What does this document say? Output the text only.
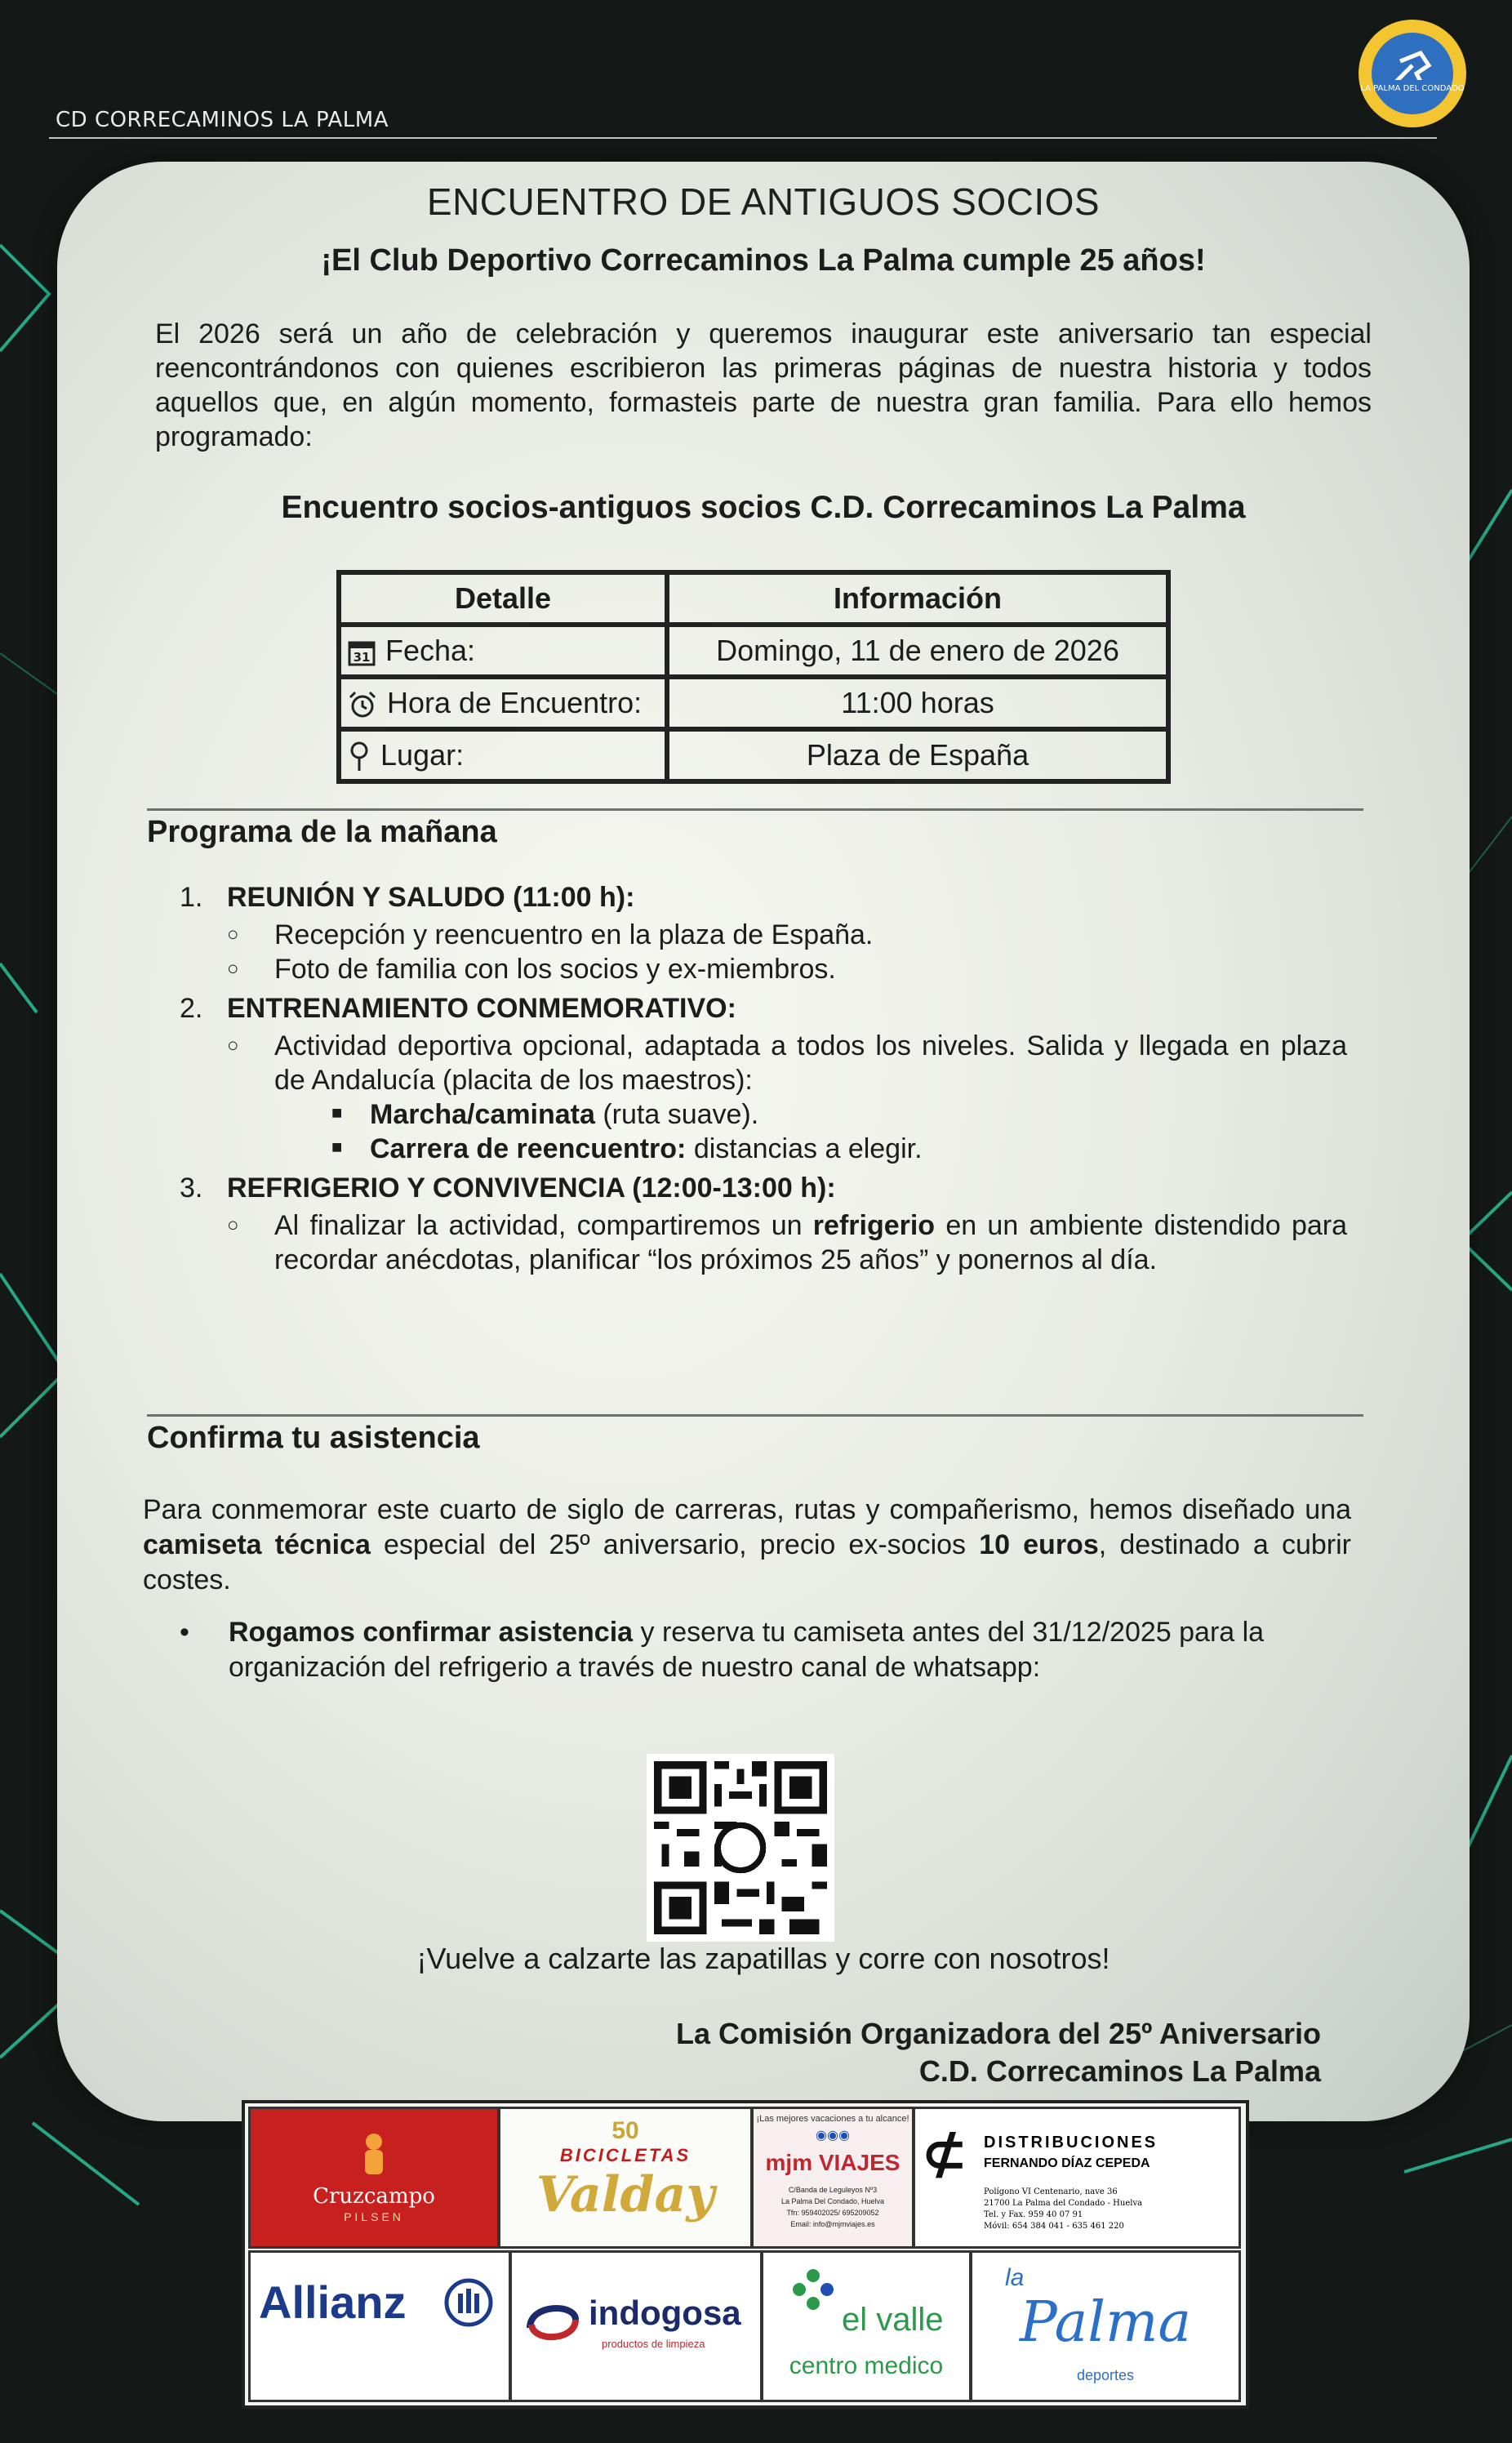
CD CORRECAMINOS LA PALMA
LA PALMA DEL CONDADO
ENCUENTRO DE ANTIGUOS SOCIOS
¡El Club Deportivo Correcaminos La Palma cumple 25 años!
El 2026 será un año de celebración y queremos inaugurar este aniversario tan especial reencontrándonos con quienes escribieron las primeras páginas de nuestra historia y todos aquellos que, en algún momento, formasteis parte de nuestra gran familia. Para ello hemos programado:
Encuentro socios-antiguos socios C.D. Correcaminos La Palma
Detalle	Información

31 Fecha:	Domingo, 11 de enero de 2026
Hora de Encuentro:	11:00 horas
Lugar:	Plaza de España
Programa de la mañana
1. REUNIÓN Y SALUDO (11:00 h):
○ Recepción y reencuentro en la plaza de España.
○ Foto de familia con los socios y ex-miembros.
2. ENTRENAMIENTO CONMEMORATIVO:
○ Actividad deportiva opcional, adaptada a todos los niveles. Salida y llegada en plaza de Andalucía (placita de los maestros):
■ Marcha/caminata (ruta suave).
■ Carrera de reencuentro: distancias a elegir.
3. REFRIGERIO Y CONVIVENCIA (12:00-13:00 h):
○ Al finalizar la actividad, compartiremos un refrigerio en un ambiente distendido para recordar anécdotas, planificar “los próximos 25 años” y ponernos al día.
Confirma tu asistencia
Para conmemorar este cuarto de siglo de carreras, rutas y compañerismo, hemos diseñado una camiseta técnica especial del 25º aniversario, precio ex-socios 10 euros, destinado a cubrir costes.
•	Rogamos confirmar asistencia y reserva tu camiseta antes del 31/12/2025 para la organización del refrigerio a través de nuestro canal de whatsapp:
¡Vuelve a calzarte las zapatillas y corre con nosotros!
La Comisión Organizadora del 25º Aniversario
C.D. Correcaminos La Palma
Cruzcampo
PILSEN
50
BICICLETAS
Valday
¡Las mejores vacaciones a tu alcance!
◉◉◉
mjm VIAJES
C/Banda de Leguleyos Nº3
La Palma Del Condado, Huelva
Tfn: 959402025/ 695209052
Email: info@mjmviajes.es
⊄ DISTRIBUCIONES
FERNANDO DÍAZ CEPEDA
Polígono VI Centenario, nave 36
21700 La Palma del Condado - Huelva
Tel. y Fax. 959 40 07 91
Móvil: 654 384 041 - 635 461 220
Allianz	indogosa
productos de limpieza
el valle
centro medico
la
Palma
deportes
